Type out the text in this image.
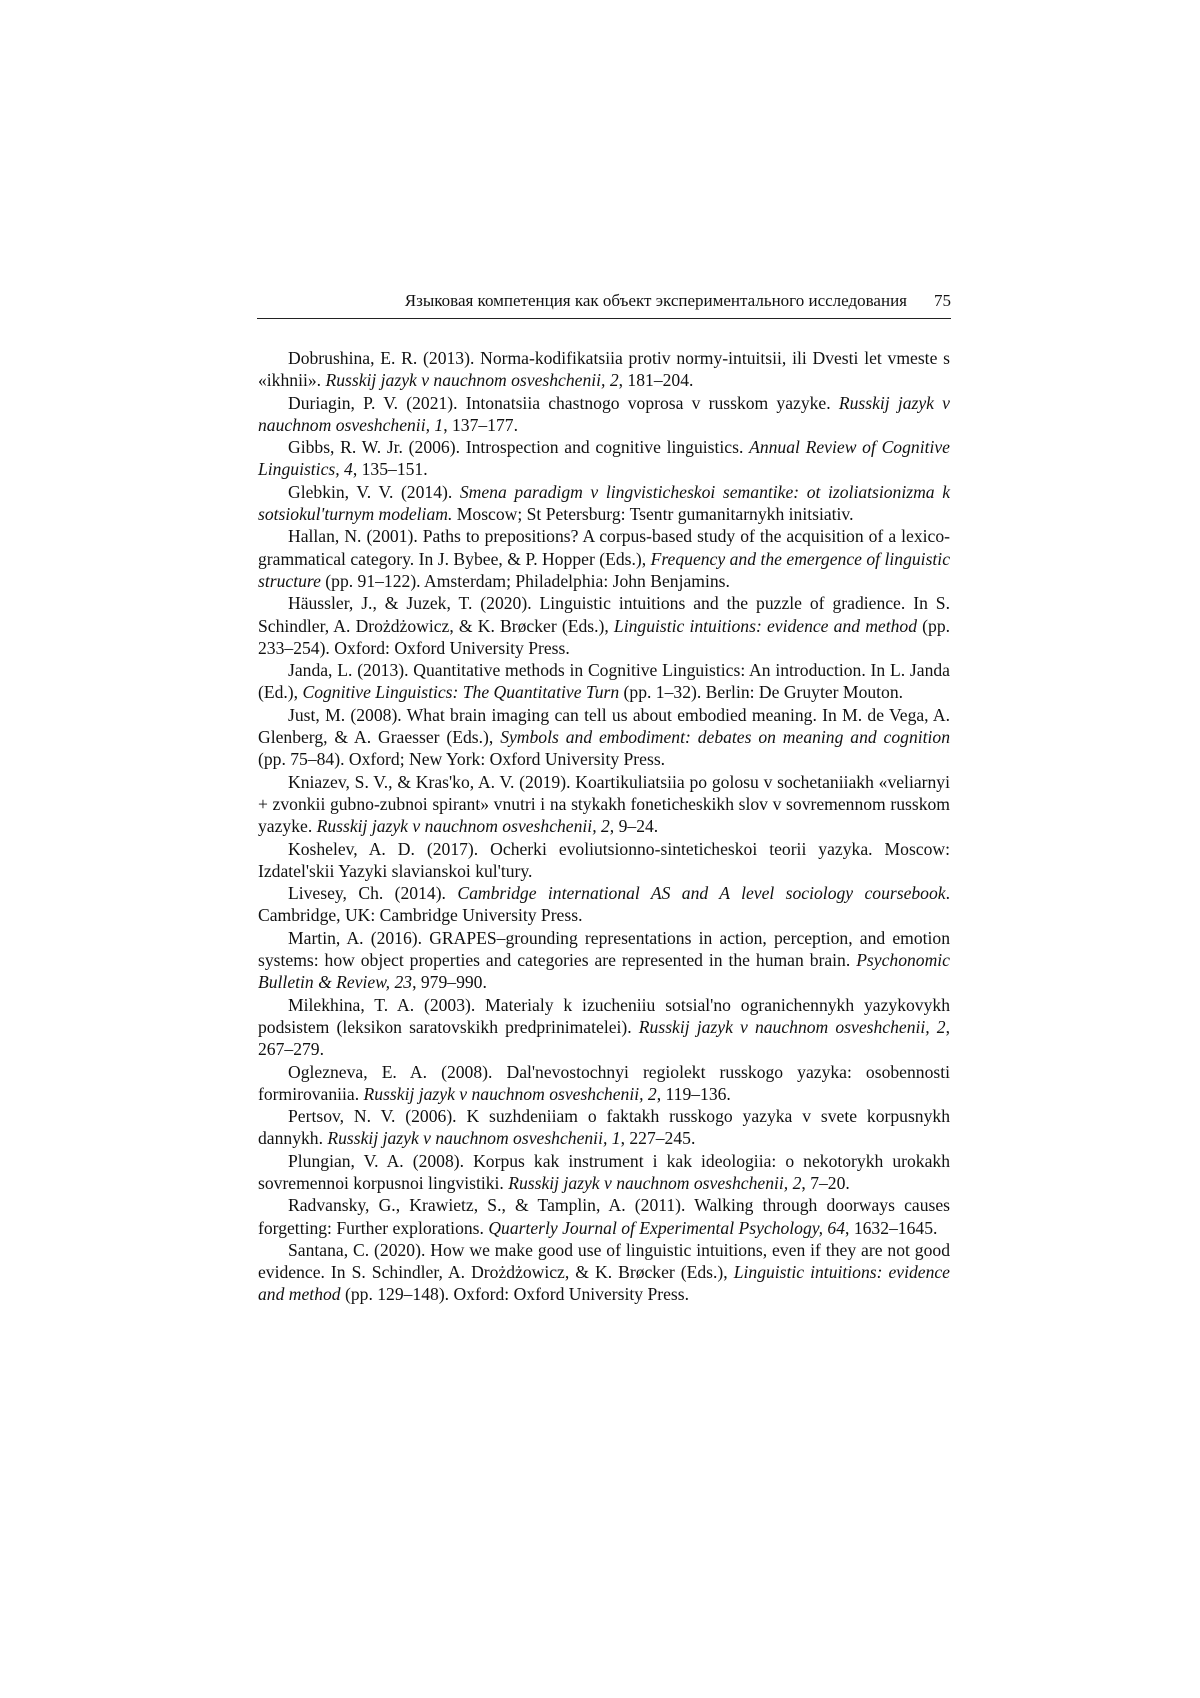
Языковая компетенция как объект экспериментального исследования 75

Dobrushina, E. R. (2013). Norma-kodifikatsiia protiv normy-intuitsii, ili Dvesti let vmeste s «ikhnii». Russkij jazyk v nauchnom osveshchenii, 2, 181–204.

Duriagin, P. V. (2021). Intonatsiia chastnogo voprosa v russkom yazyke. Russkij jazyk v nauchnom osveshchenii, 1, 137–177.

Gibbs, R. W. Jr. (2006). Introspection and cognitive linguistics. Annual Review of Cognitive Linguistics, 4, 135–151.

Glebkin, V. V. (2014). Smena paradigm v lingvisticheskoi semantike: ot izoliatsionizma k sotsiokul'turnym modeliam. Moscow; St Petersburg: Tsentr gumanitarnykh initsiativ.

Hallan, N. (2001). Paths to prepositions? A corpus-based study of the acquisition of a lexico-grammatical category. In J. Bybee, & P. Hopper (Eds.), Frequency and the emergence of linguistic structure (pp. 91–122). Amsterdam; Philadelphia: John Benjamins.

Häussler, J., & Juzek, T. (2020). Linguistic intuitions and the puzzle of gradience. In S. Schindler, A. Drożdżowicz, & K. Brøcker (Eds.), Linguistic intuitions: evidence and method (pp. 233–254). Oxford: Oxford University Press.

Janda, L. (2013). Quantitative methods in Cognitive Linguistics: An introduction. In L. Janda (Ed.), Cognitive Linguistics: The Quantitative Turn (pp. 1–32). Berlin: De Gruyter Mouton.

Just, M. (2008). What brain imaging can tell us about embodied meaning. In M. de Vega, A. Glenberg, & A. Graesser (Eds.), Symbols and embodiment: debates on meaning and cognition (pp. 75–84). Oxford; New York: Oxford University Press.

Kniazev, S. V., & Kras'ko, A. V. (2019). Koartikuliatsiia po golosu v sochetaniiakh «veliarnyi + zvonkii gubno-zubnoi spirant» vnutri i na stykakh foneticheskikh slov v sovremennom russkom yazyke. Russkij jazyk v nauchnom osveshchenii, 2, 9–24.

Koshelev, A. D. (2017). Ocherki evoliutsionno-sinteticheskoi teorii yazyka. Moscow: Izdatel'skii Yazyki slavianskoi kul'tury.

Livesey, Ch. (2014). Cambridge international AS and A level sociology coursebook. Cambridge, UK: Cambridge University Press.

Martin, A. (2016). GRAPES–grounding representations in action, perception, and emotion systems: how object properties and categories are represented in the human brain. Psychonomic Bulletin & Review, 23, 979–990.

Milekhina, T. A. (2003). Materialy k izucheniiu sotsial'no ogranichennykh yazykovykh podsistem (leksikon saratovskikh predprinimatelei). Russkij jazyk v nauchnom osveshchenii, 2, 267–279.

Oglezneva, E. A. (2008). Dal'nevostochnyi regiolekt russkogo yazyka: osobennosti formirovaniia. Russkij jazyk v nauchnom osveshchenii, 2, 119–136.

Pertsov, N. V. (2006). K suzhdeniiam o faktakh russkogo yazyka v svete korpusnykh dannykh. Russkij jazyk v nauchnom osveshchenii, 1, 227–245.

Plungian, V. A. (2008). Korpus kak instrument i kak ideologiia: o nekotorykh urokakh sovremennoi korpusnoi lingvistiki. Russkij jazyk v nauchnom osveshchenii, 2, 7–20.

Radvansky, G., Krawietz, S., & Tamplin, A. (2011). Walking through doorways causes forgetting: Further explorations. Quarterly Journal of Experimental Psychology, 64, 1632–1645.

Santana, C. (2020). How we make good use of linguistic intuitions, even if they are not good evidence. In S. Schindler, A. Drożdżowicz, & K. Brøcker (Eds.), Linguistic intuitions: evidence and method (pp. 129–148). Oxford: Oxford University Press.
